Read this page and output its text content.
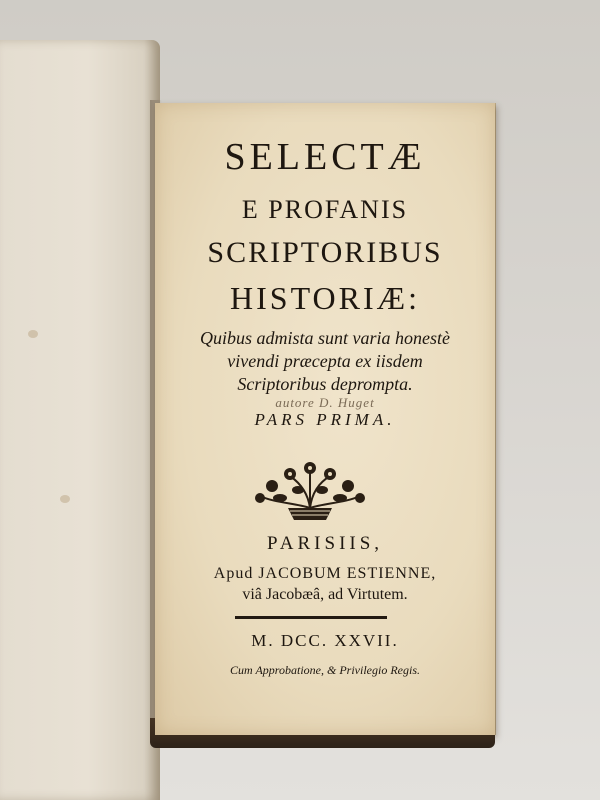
SELECTÆ
E PROFANIS
SCRIPTORIBUS
HISTORIÆ:
Quibus admista sunt varia honestè
vivendi præcepta ex iisdem
Scriptoribus deprompta.
autore D. Huget
PARS PRIMA.
PARISIIS,
Apud JACOBUM ESTIENNE,
viâ Jacobæâ, ad Virtutem.
M. DCC. XXVII.
Cum Approbatione, & Privilegio Regis.
